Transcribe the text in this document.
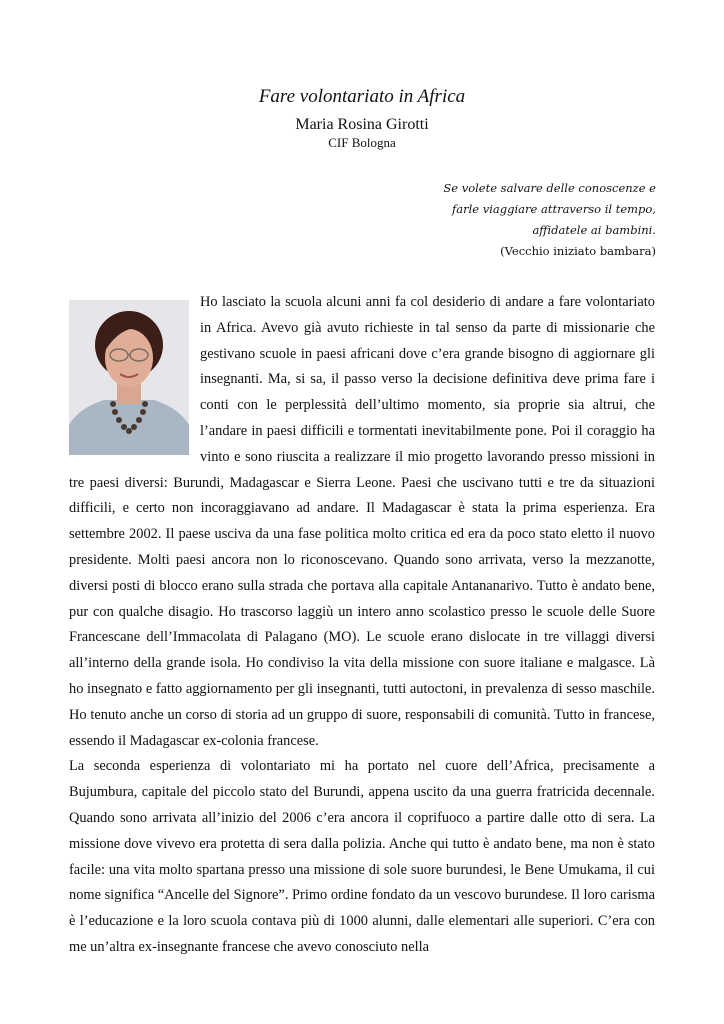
Fare volontariato in Africa
Maria Rosina Girotti
CIF Bologna
Se volete salvare delle conoscenze e
farle viaggiare attraverso il tempo,
affidatele ai bambini.
(Vecchio iniziato bambara)

Ho lasciato la scuola alcuni anni fa col desiderio di andare a fare volontariato in Africa. Avevo già avuto richieste in tal senso da parte di missionarie che gestivano scuole in paesi africani dove c’era grande bisogno di aggiornare gli insegnanti. Ma, si sa, il passo verso la decisione definitiva deve prima fare i conti con le perplessità dell’ultimo momento, sia proprie sia altrui, che l’andare in paesi difficili e tormentati inevitabilmente pone. Poi il coraggio ha vinto e sono riuscita a realizzare il mio progetto lavorando presso missioni in tre paesi diversi: Burundi, Madagascar e Sierra Leone. Paesi che uscivano tutti e tre da situazioni difficili, e certo non incoraggiavano ad andare. Il Madagascar è stata la prima esperienza. Era settembre 2002. Il paese usciva da una fase politica molto critica ed era da poco stato eletto il nuovo presidente. Molti paesi ancora non lo riconoscevano. Quando sono arrivata, verso la mezzanotte, diversi posti di blocco erano sulla strada che portava alla capitale Antananarivo. Tutto è andato bene, pur con qualche disagio. Ho trascorso laggiù un intero anno scolastico presso le scuole delle Suore Francescane dell’Immacolata di Palagano (MO). Le scuole erano dislocate in tre villaggi diversi all’interno della grande isola. Ho condiviso la vita della missione con suore italiane e malgasce. Là ho insegnato e fatto aggiornamento per gli insegnanti, tutti autoctoni, in prevalenza di sesso maschile. Ho tenuto anche un corso di storia ad un gruppo di suore, responsabili di comunità. Tutto in francese, essendo il Madagascar ex-colonia francese.

La seconda esperienza di volontariato mi ha portato nel cuore dell’Africa, precisamente a Bujumbura, capitale del piccolo stato del Burundi, appena uscito da una guerra fratricida decennale. Quando sono arrivata all’inizio del 2006 c’era ancora il coprifuoco a partire dalle otto di sera. La missione dove vivevo era protetta di sera dalla polizia. Anche qui tutto è andato bene, ma non è stato facile: una vita molto spartana presso una missione di sole suore burundesi, le Bene Umukama, il cui nome significa “Ancelle del Signore”. Primo ordine fondato da un vescovo burundese. Il loro carisma è l’educazione e la loro scuola contava più di 1000 alunni, dalle elementari alle superiori. C’era con me un’altra ex-insegnante francese che avevo conosciuto nella
